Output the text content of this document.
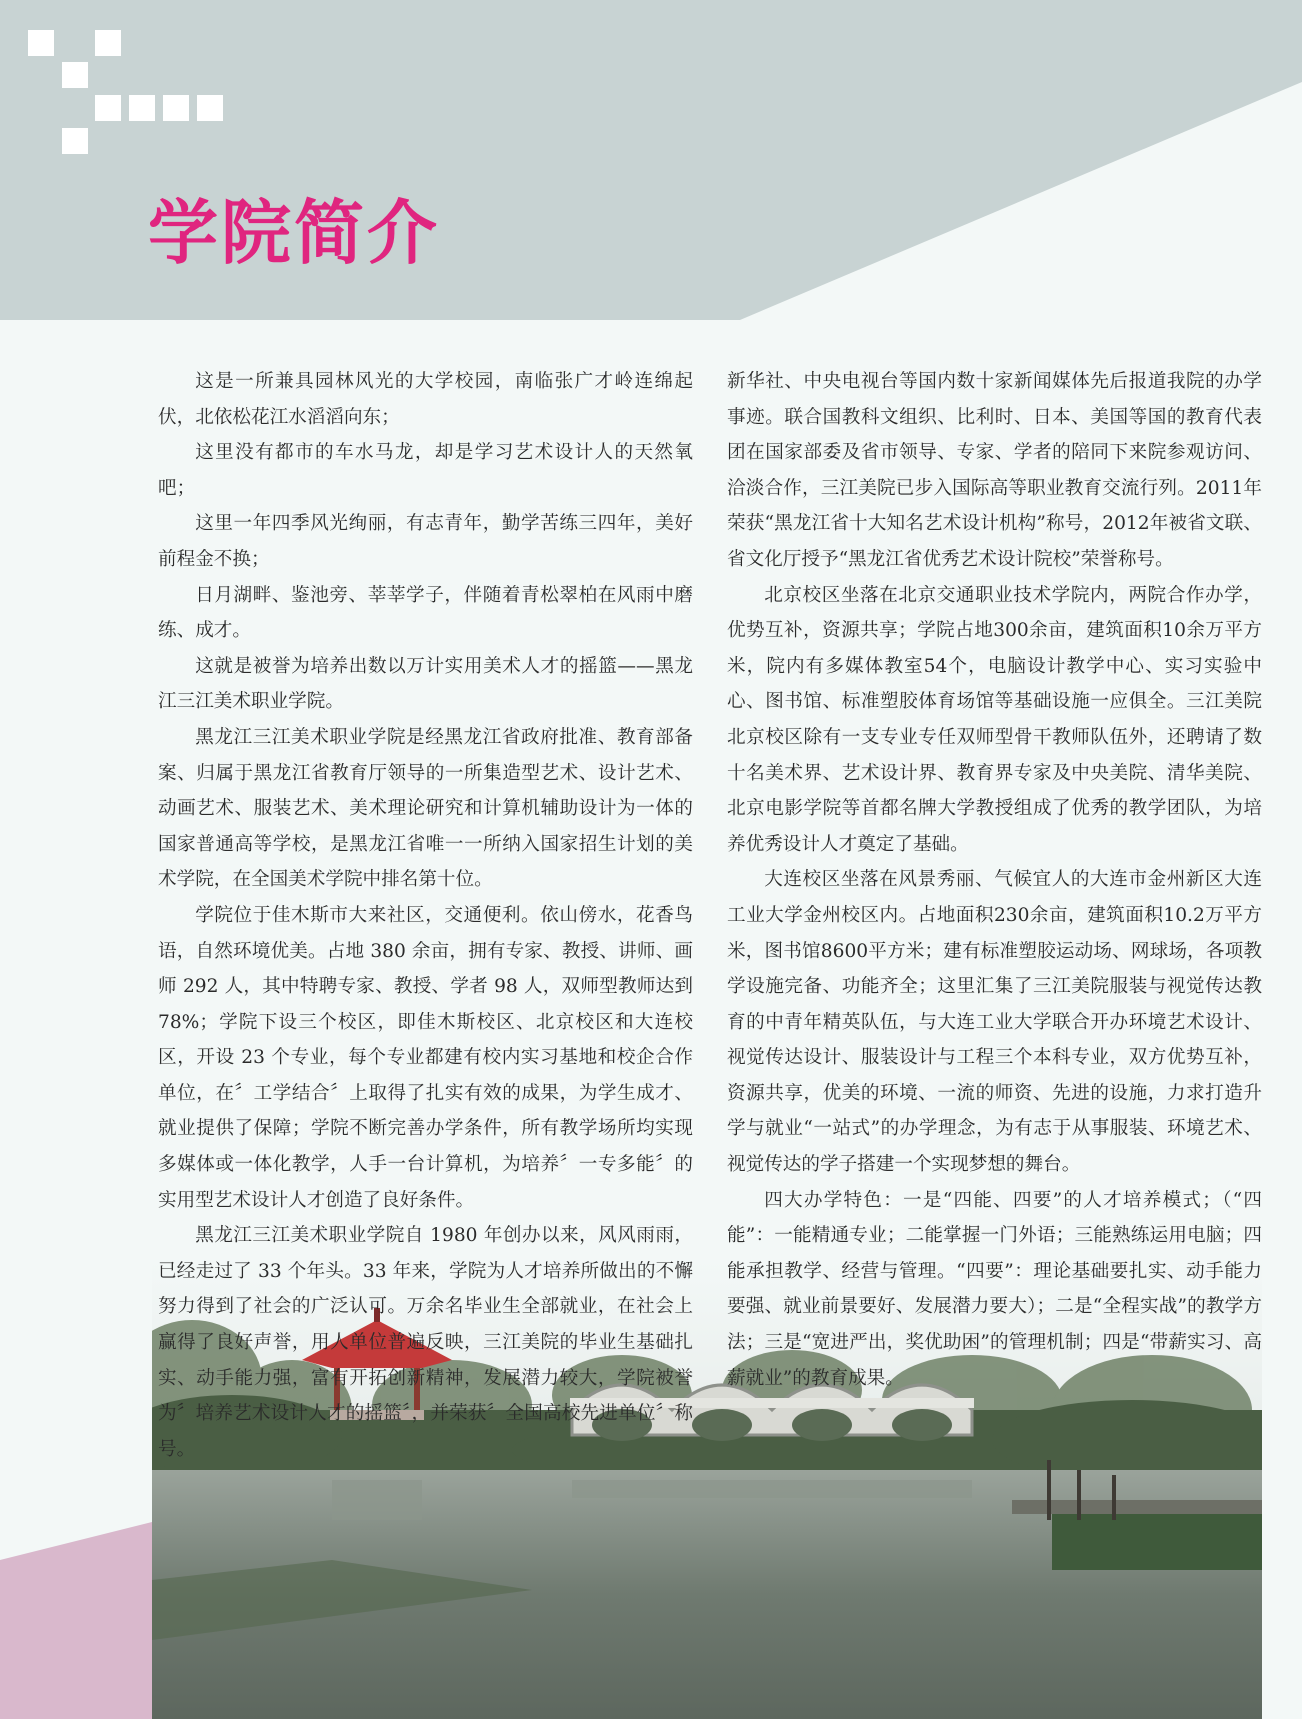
学院简介

这是一所兼具园林风光的大学校园，南临张广才岭连绵起伏，北依松花江水滔滔向东；

这里没有都市的车水马龙，却是学习艺术设计人的天然氧吧；

这里一年四季风光绚丽，有志青年，勤学苦练三四年，美好前程金不换；

日月湖畔、鉴池旁、莘莘学子，伴随着青松翠柏在风雨中磨练、成才。

这就是被誉为培养出数以万计实用美术人才的摇篮——黑龙江三江美术职业学院。

黑龙江三江美术职业学院是经黑龙江省政府批准、教育部备案、归属于黑龙江省教育厅领导的一所集造型艺术、设计艺术、动画艺术、服装艺术、美术理论研究和计算机辅助设计为一体的国家普通高等学校，是黑龙江省唯一一所纳入国家招生计划的美术学院，在全国美术学院中排名第十位。

学院位于佳木斯市大来社区，交通便利。依山傍水，花香鸟语，自然环境优美。占地 380 余亩，拥有专家、教授、讲师、画师 292 人，其中特聘专家、教授、学者 98 人，双师型教师达到 78%；学院下设三个校区，即佳木斯校区、北京校区和大连校区，开设 23 个专业，每个专业都建有校内实习基地和校企合作单位，在〞工学结合〞上取得了扎实有效的成果，为学生成才、就业提供了保障；学院不断完善办学条件，所有教学场所均实现多媒体或一体化教学，人手一台计算机，为培养〞一专多能〞的实用型艺术设计人才创造了良好条件。

黑龙江三江美术职业学院自 1980 年创办以来，风风雨雨，已经走过了 33 个年头。33 年来，学院为人才培养所做出的不懈努力得到了社会的广泛认可。万余名毕业生全部就业，在社会上赢得了良好声誉，用人单位普遍反映，三江美院的毕业生基础扎实、动手能力强，富有开拓创新精神，发展潜力较大，学院被誉为〞培养艺术设计人才的摇篮〞，并荣获〞全国高校先进单位〞称号。

新华社、中央电视台等国内数十家新闻媒体先后报道我院的办学事迹。联合国教科文组织、比利时、日本、美国等国的教育代表团在国家部委及省市领导、专家、学者的陪同下来院参观访问、洽淡合作，三江美院已步入国际高等职业教育交流行列。2011年荣获“黑龙江省十大知名艺术设计机构”称号，2012年被省文联、省文化厅授予“黑龙江省优秀艺术设计院校”荣誉称号。

北京校区坐落在北京交通职业技术学院内，两院合作办学，优势互补，资源共享；学院占地300余亩，建筑面积10余万平方米，院内有多媒体教室54个，电脑设计教学中心、实习实验中心、图书馆、标准塑胶体育场馆等基础设施一应俱全。三江美院北京校区除有一支专业专任双师型骨干教师队伍外，还聘请了数十名美术界、艺术设计界、教育界专家及中央美院、清华美院、北京电影学院等首都名牌大学教授组成了优秀的教学团队，为培养优秀设计人才奠定了基础。

大连校区坐落在风景秀丽、气候宜人的大连市金州新区大连工业大学金州校区内。占地面积230余亩，建筑面积10.2万平方米，图书馆8600平方米；建有标准塑胶运动场、网球场，各项教学设施完备、功能齐全；这里汇集了三江美院服装与视觉传达教育的中青年精英队伍，与大连工业大学联合开办环境艺术设计、视觉传达设计、服装设计与工程三个本科专业，双方优势互补，资源共享，优美的环境、一流的师资、先进的设施，力求打造升学与就业“一站式”的办学理念，为有志于从事服装、环境艺术、视觉传达的学子搭建一个实现梦想的舞台。

四大办学特色：一是“四能、四要”的人才培养模式；（“四能”：一能精通专业；二能掌握一门外语；三能熟练运用电脑；四能承担教学、经营与管理。“四要”：理论基础要扎实、动手能力要强、就业前景要好、发展潜力要大）；二是“全程实战”的教学方法；三是“宽进严出，奖优助困”的管理机制；四是“带薪实习、高薪就业”的教育成果。
